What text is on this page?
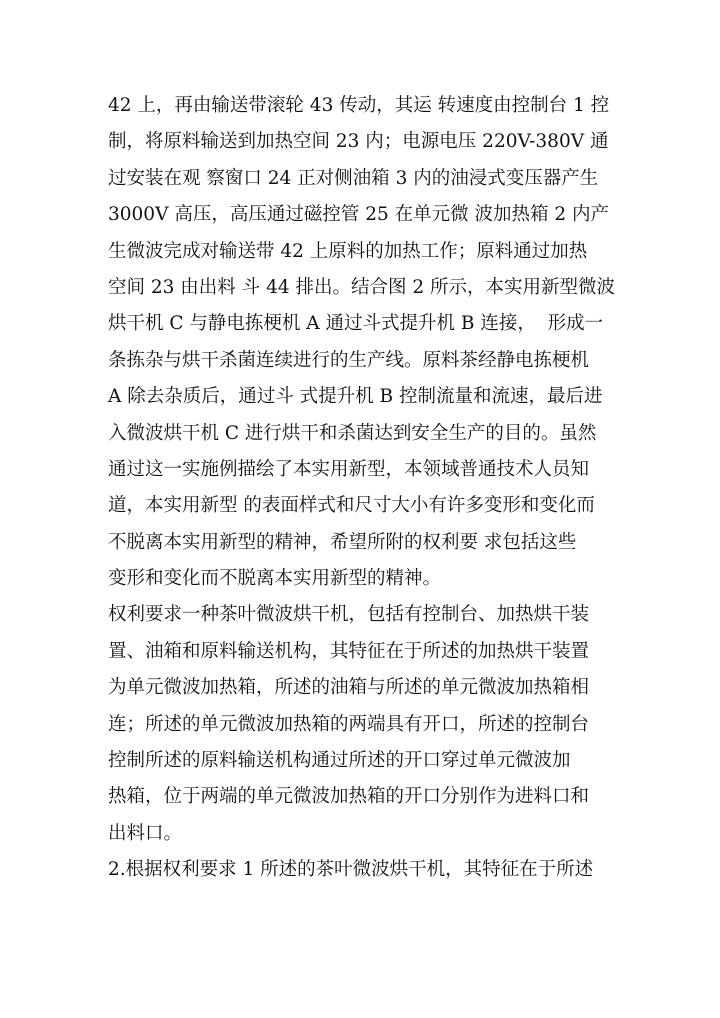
42 上，再由输送带滚轮 43 传动，其运 转速度由控制台 1 控
制，将原料输送到加热空间 23 内；电源电压 220V-380V 通
过安装在观 察窗口 24 正对侧油箱 3 内的油浸式变压器产生
3000V 高压，高压通过磁控管 25 在单元微 波加热箱 2 内产
生微波完成对输送带 42 上原料的加热工作；原料通过加热
空间 23 由出料 斗 44 排出。结合图 2 所示，本实用新型微波
烘干机 C 与静电拣梗机 A 通过斗式提升机 B 连接，  形成一
条拣杂与烘干杀菌连续进行的生产线。原料茶经静电拣梗机
A 除去杂质后，通过斗 式提升机 B 控制流量和流速，最后进
入微波烘干机 C 进行烘干和杀菌达到安全生产的目的。虽然
通过这一实施例描绘了本实用新型，本领域普通技术人员知
道，本实用新型 的表面样式和尺寸大小有许多变形和变化而
不脱离本实用新型的精神，希望所附的权利要 求包括这些
变形和变化而不脱离本实用新型的精神。
权利要求一种茶叶微波烘干机，包括有控制台、加热烘干装
置、油箱和原料输送机构，其特征在于所述的加热烘干装置
为单元微波加热箱，所述的油箱与所述的单元微波加热箱相
连；所述的单元微波加热箱的两端具有开口，所述的控制台
控制所述的原料输送机构通过所述的开口穿过单元微波加
热箱，位于两端的单元微波加热箱的开口分别作为进料口和
出料口。
2.根据权利要求 1 所述的茶叶微波烘干机，其特征在于所述
